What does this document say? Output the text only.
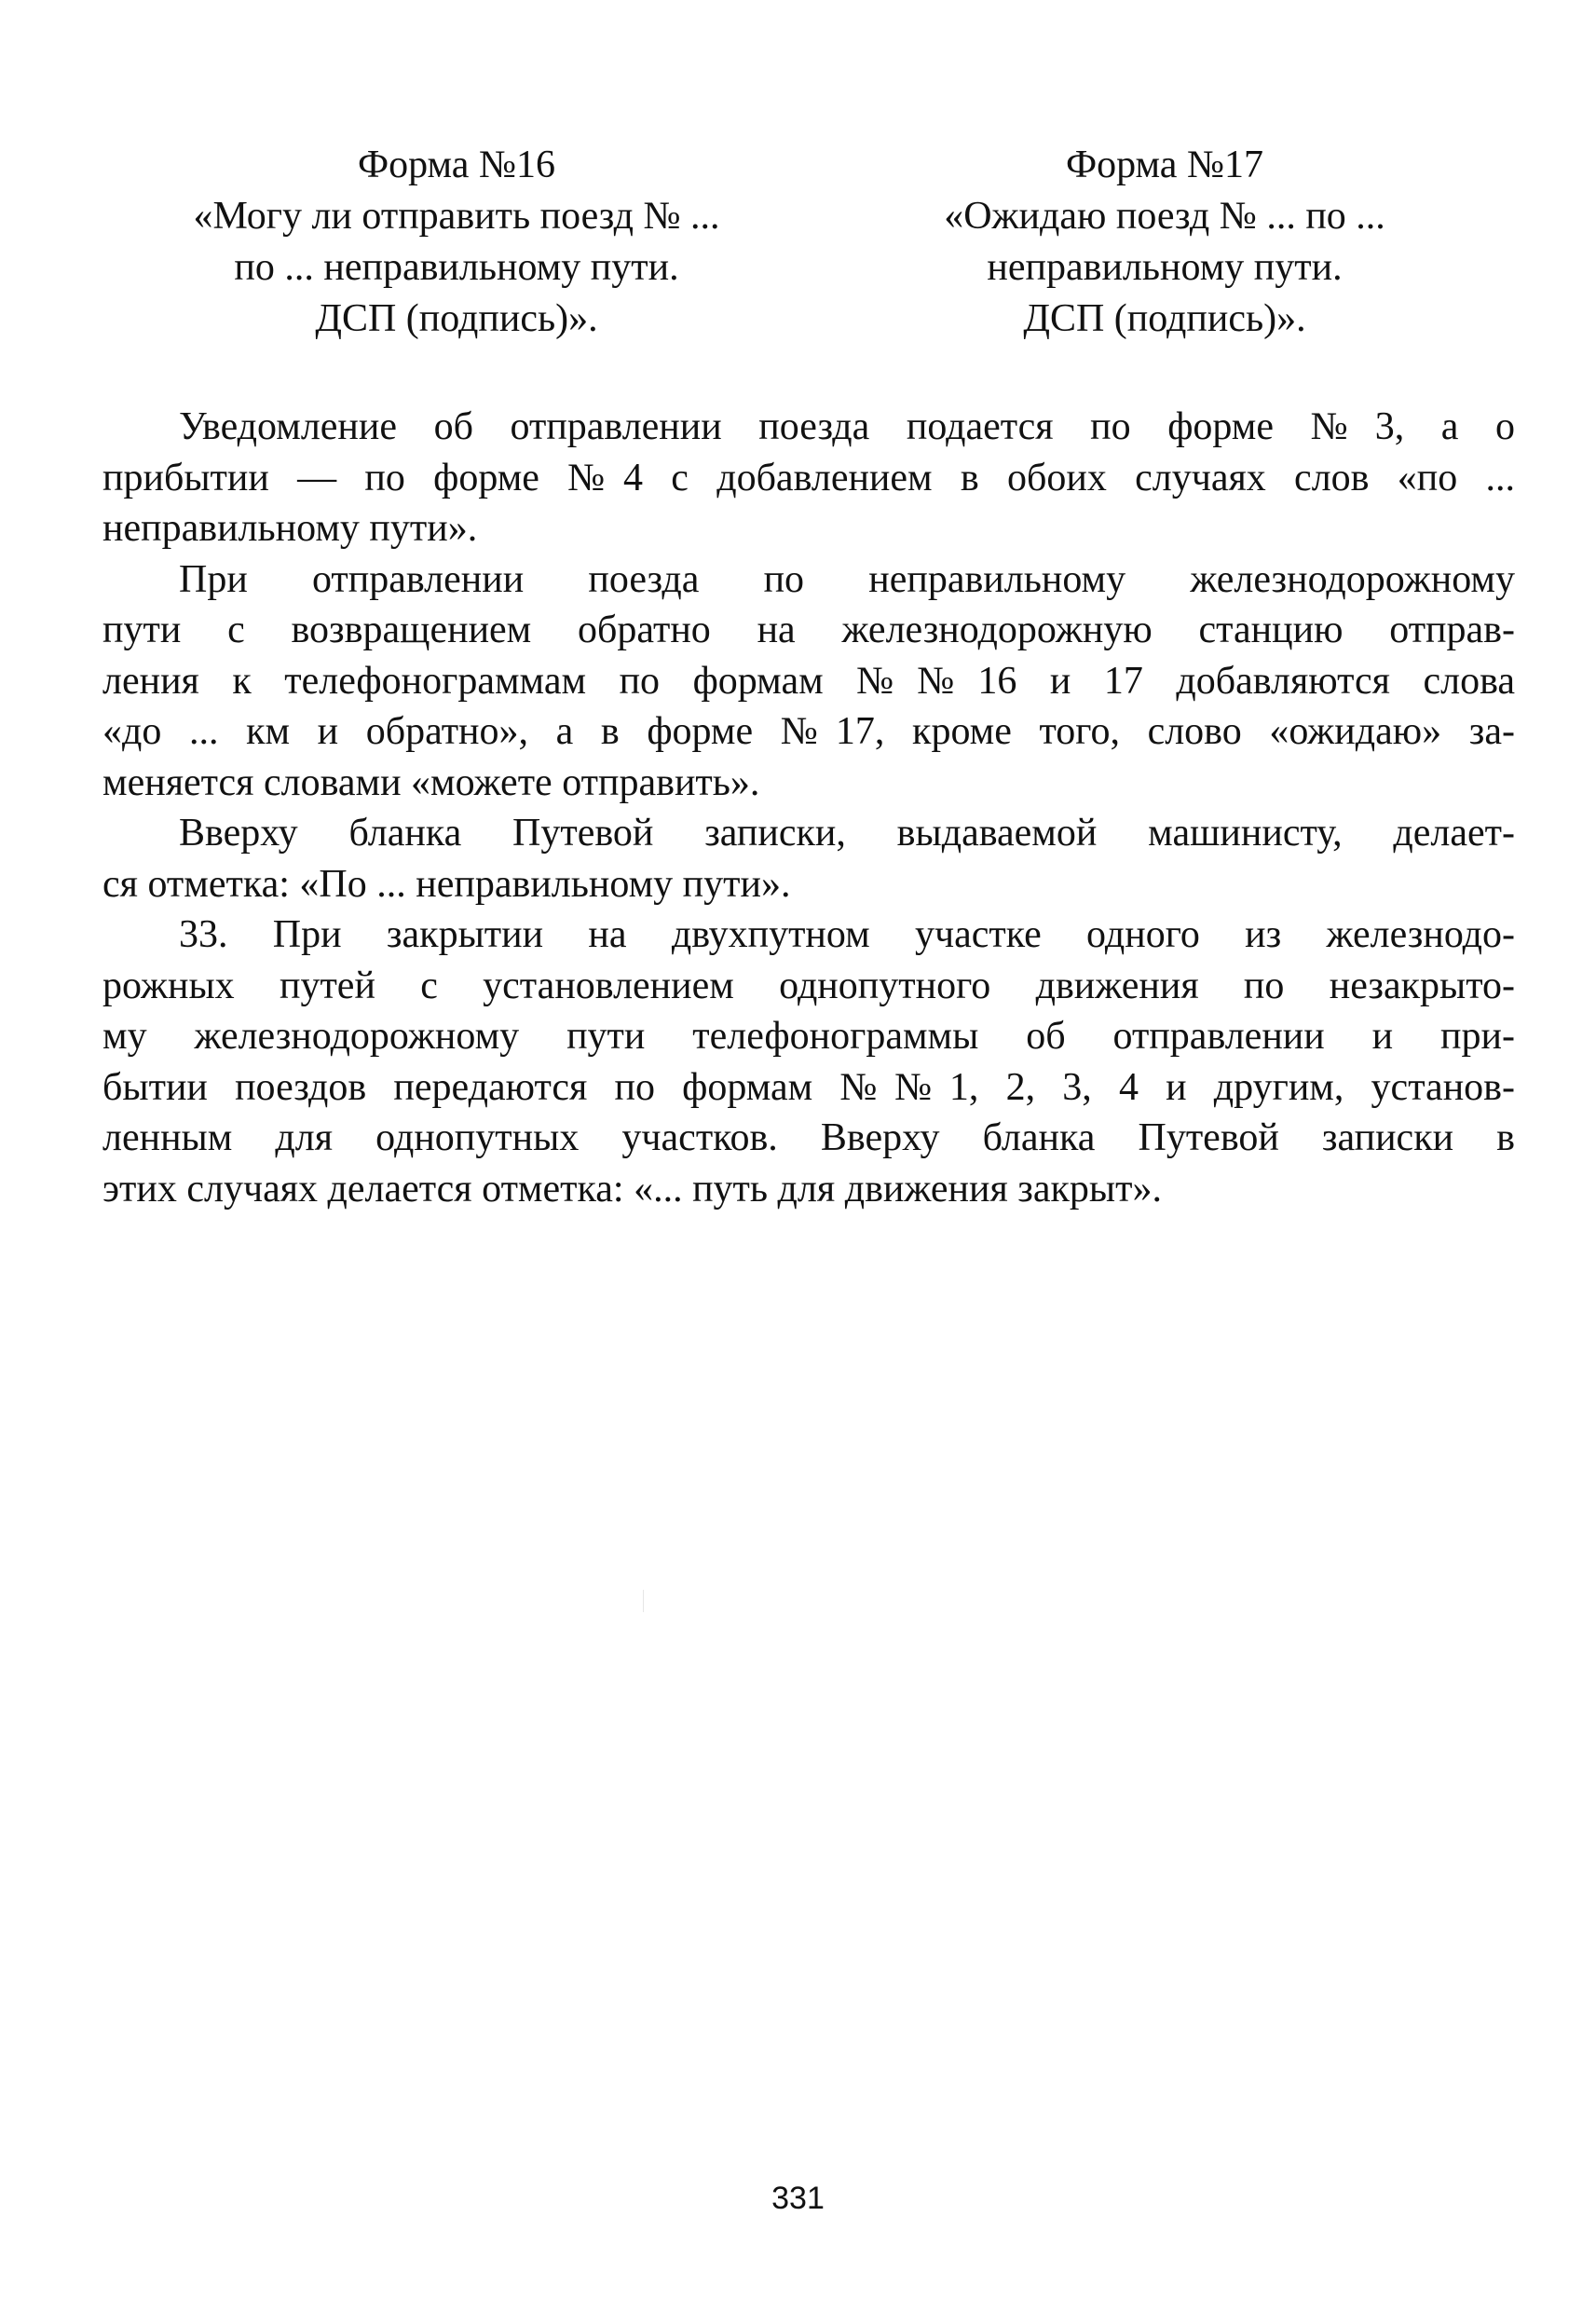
Форма №16
«Могу ли отправить поезд № ...
по ... неправильному пути.
ДСП (подпись)».
Форма №17
«Ожидаю поезд № ... по ...
неправильному пути.
ДСП (подпись)».

Уведомление об отправлении поезда подается по форме №3, а о
прибытии — по форме №4 с добавлением в обоих случаях слов «по ...
неправильному пути».

При отправлении поезда по неправильному железнодорожному
пути с возвращением обратно на железнодорожную станцию отправ-
ления к телефонограммам по формам №№16 и 17 добавляются слова
«до ... км и обратно», а в форме №17, кроме того, слово «ожидаю» за-
меняется словами «можете отправить».

Вверху бланка Путевой записки, выдаваемой машинисту, делает-
ся отметка: «По ... неправильному пути».

33. При закрытии на двухпутном участке одного из железнодо-
рожных путей с установлением однопутного движения по незакрыто-
му железнодорожному пути телефонограммы об отправлении и при-
бытии поездов передаются по формам №№1, 2, 3, 4 и другим, установ-
ленным для однопутных участков. Вверху бланка Путевой записки в
этих случаях делается отметка: «... путь для движения закрыт».

331
